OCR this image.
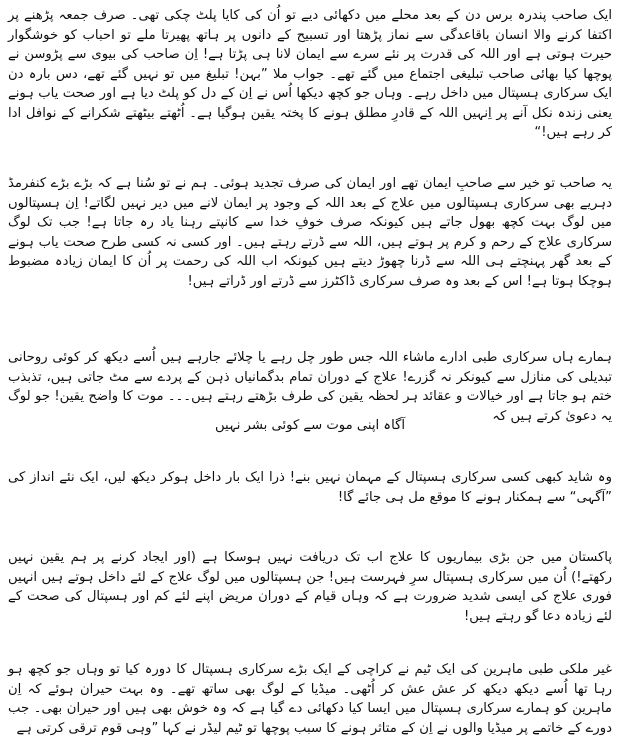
ایک صاحب پندرہ برس دن کے بعد محلے میں دکھائی دیے تو اُن کی کایا پلٹ چکی تھی۔ صرف جمعہ پڑھنے پر اکتفا کرنے والا انسان باقاعدگی سے نماز پڑھتا اور تسبیح کے دانوں پر ہاتھ پھیرتا ملے تو احباب کو خوشگوار حیرت ہوتی ہے اور اللہ کی قدرت پر نئے سرے سے ایمان لانا ہی پڑتا ہے! اِن صاحب کی بیوی سے پڑوسن نے پوچھا کیا بھائی صاحب تبلیغی اجتماع میں گئے تھے۔ جواب ملا ”بہن! تبلیغ میں تو نہیں گئے تھے، دس بارہ دن ایک سرکاری ہسپتال میں داخل رہے۔ وہاں جو کچھ دیکھا اُس نے اِن کے دل کو پلٹ دیا ہے اور صحت یاب ہونے یعنی زندہ نکل آنے پر اِنہیں اللہ کے قادرِ مطلق ہونے کا پختہ یقین ہوگیا ہے۔ اُٹھتے بیٹھتے شکرانے کے نوافل ادا کر رہے ہیں!“

یہ صاحب تو خیر سے صاحبِ ایمان تھے اور ایمان کی صرف تجدید ہوئی۔ ہم نے تو سُنا ہے کہ بڑے بڑے کنفرمڈ دہریے بھی سرکاری ہسپتالوں میں علاج کے بعد اللہ کے وجود پر ایمان لانے میں دیر نہیں لگاتے! اِن ہسپتالوں میں لوگ بہت کچھ بھول جاتے ہیں کیونکہ صرف خوفِ خدا سے کانپتے رہنا یاد رہ جاتا ہے! جب تک لوگ سرکاری علاج کے رحم و کرم پر ہوتے ہیں، اللہ سے ڈرتے رہتے ہیں۔ اور کسی نہ کسی طرح صحت یاب ہونے کے بعد گھر پہنچتے ہی اللہ سے ڈرنا چھوڑ دیتے ہیں کیونکہ اب اللہ کی رحمت پر اُن کا ایمان زیادہ مضبوط ہوچکا ہوتا ہے! اس کے بعد وہ صرف سرکاری ڈاکٹرز سے ڈرتے اور ڈراتے ہیں!

ہمارے ہاں سرکاری طبی ادارے ماشاء اللہ جس طور چل رہے یا چلائے جارہے ہیں اُسے دیکھ کر کوئی روحانی تبدیلی کی منازل سے کیونکر نہ گزرے! علاج کے دوران تمام بدگمانیاں ذہن کے پردے سے مٹ جاتی ہیں، تذبذب ختم ہو جاتا ہے اور خیالات و عقائد ہر لحظہ یقین کی طرف بڑھتے رہتے ہیں۔۔۔ موت کا واضح یقین! جو لوگ یہ دعویٰ کرتے ہیں کہ

آگاہ اپنی موت سے کوئی بشر نہیں

وہ شاید کبھی کسی سرکاری ہسپتال کے مہمان نہیں بنے! ذرا ایک بار داخل ہوکر دیکھ لیں، ایک نئے انداز کی ”آگہی“ سے ہمکنار ہونے کا موقع مل ہی جائے گا!

پاکستان میں جن بڑی بیماریوں کا علاج اب تک دریافت نہیں ہوسکا ہے (اور ایجاد کرنے پر ہم یقین نہیں رکھتے!) اُن میں سرکاری ہسپتال سرِ فہرست ہیں! جن ہسپتالوں میں لوگ علاج کے لئے داخل ہوتے ہیں انہیں فوری علاج کی ایسی شدید ضرورت ہے کہ وہاں قیام کے دوران مریض اپنے لئے کم اور ہسپتال کی صحت کے لئے زیادہ دعا گو رہتے ہیں!

غیر ملکی طبی ماہرین کی ایک ٹیم نے کراچی کے ایک بڑے سرکاری ہسپتال کا دورہ کیا تو وہاں جو کچھ ہو رہا تھا اُسے دیکھ دیکھ کر عش عش کر اُٹھی۔ میڈیا کے لوگ بھی ساتھ تھے۔ وہ بہت حیران ہوئے کہ اِن ماہرین کو ہمارے سرکاری ہسپتال میں ایسا کیا دکھائی دے گیا ہے کہ وہ خوش بھی ہیں اور حیران بھی۔ جب دورے کے خاتمے پر میڈیا والوں نے اِن کے متاثر ہونے کا سبب پوچھا تو ٹیم لیڈر نے کہا ”وہی قوم ترقی کرتی ہے
